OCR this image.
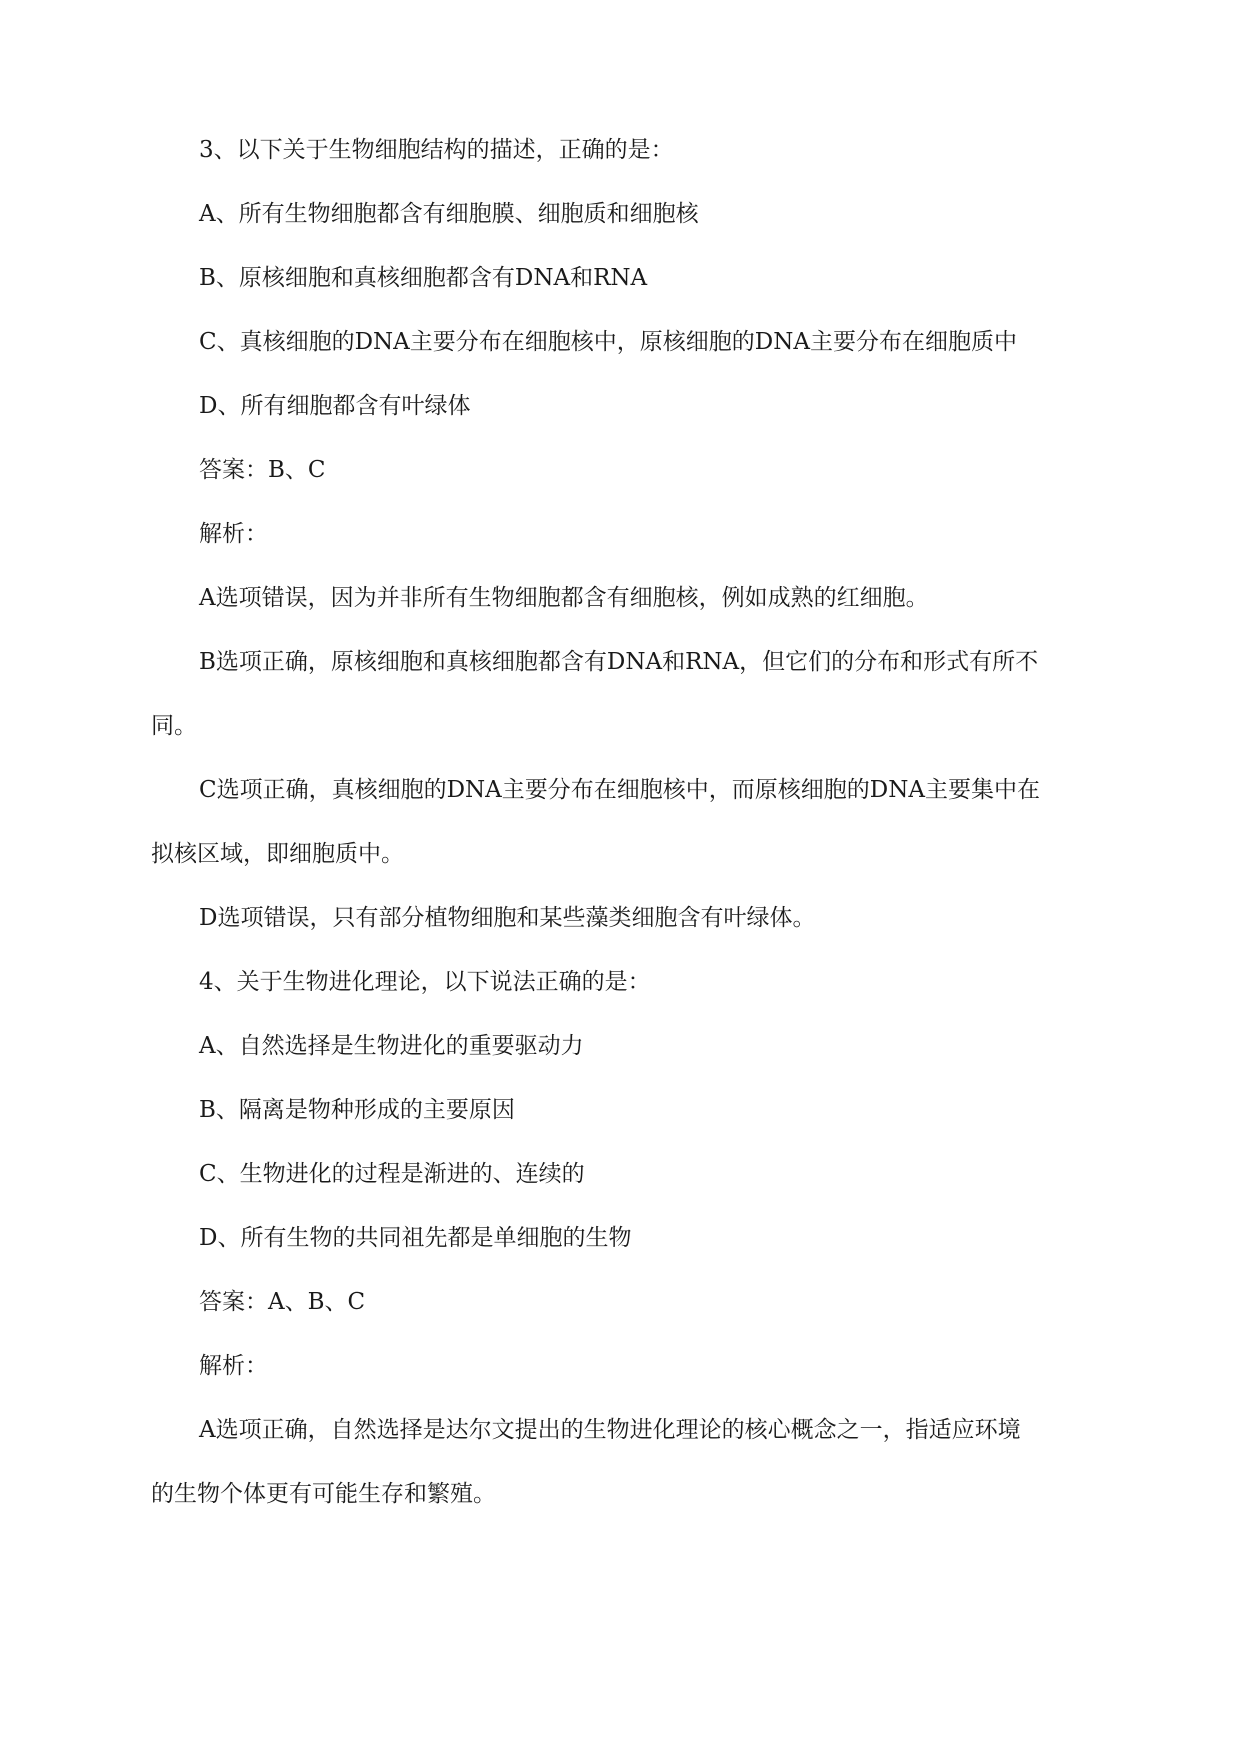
3、以下关于生物细胞结构的描述，正确的是：
A、所有生物细胞都含有细胞膜、细胞质和细胞核
B、原核细胞和真核细胞都含有DNA和RNA
C、真核细胞的DNA主要分布在细胞核中，原核细胞的DNA主要分布在细胞质中
D、所有细胞都含有叶绿体
答案：B、C
解析：
A选项错误，因为并非所有生物细胞都含有细胞核，例如成熟的红细胞。
B选项正确，原核细胞和真核细胞都含有DNA和RNA，但它们的分布和形式有所不
同。
C选项正确，真核细胞的DNA主要分布在细胞核中，而原核细胞的DNA主要集中在
拟核区域，即细胞质中。
D选项错误，只有部分植物细胞和某些藻类细胞含有叶绿体。
4、关于生物进化理论，以下说法正确的是：
A、自然选择是生物进化的重要驱动力
B、隔离是物种形成的主要原因
C、生物进化的过程是渐进的、连续的
D、所有生物的共同祖先都是单细胞的生物
答案：A、B、C
解析：
A选项正确，自然选择是达尔文提出的生物进化理论的核心概念之一，指适应环境
的生物个体更有可能生存和繁殖。
